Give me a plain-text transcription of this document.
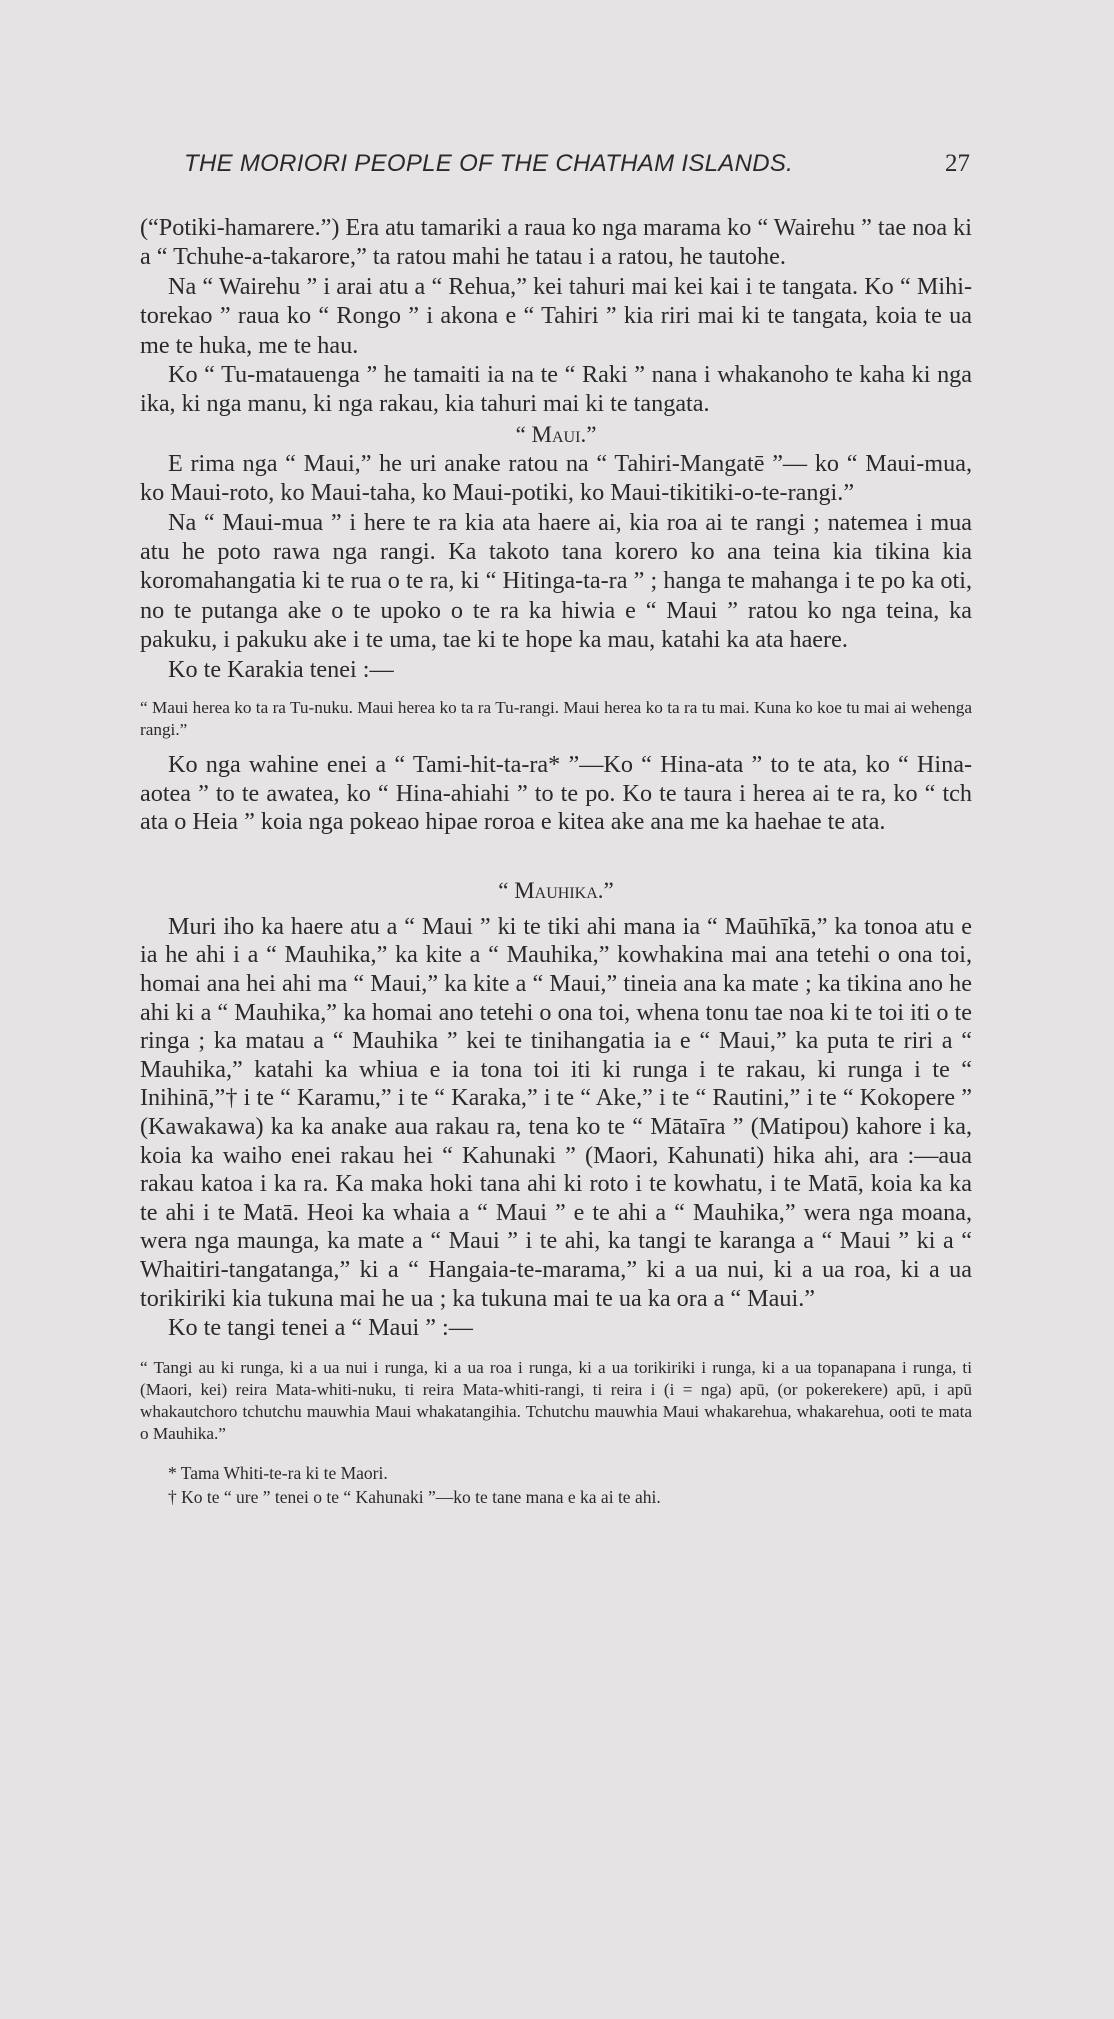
THE MORIORI PEOPLE OF THE CHATHAM ISLANDS.	27

(“Potiki-hamarere.”) Era atu tamariki a raua ko nga marama ko “ Wairehu ” tae noa ki a “ Tchuhe-a-takarore,” ta ratou mahi he tatau i a ratou, he tautohe.

Na “ Wairehu ” i arai atu a “ Rehua,” kei tahuri mai kei kai i te tangata. Ko “ Mihi-torekao ” raua ko “ Rongo ” i akona e “ Tahiri ” kia riri mai ki te tangata, koia te ua me te huka, me te hau.

Ko “ Tu-matauenga ” he tamaiti ia na te “ Raki ” nana i whakanoho te kaha ki nga ika, ki nga manu, ki nga rakau, kia tahuri mai ki te tangata.

“ Maui.”

E rima nga “ Maui,” he uri anake ratou na “ Tahiri-Mangatē ”— ko “ Maui-mua, ko Maui-roto, ko Maui-taha, ko Maui-potiki, ko Maui-tikitiki-o-te-rangi.”

Na “ Maui-mua ” i here te ra kia ata haere ai, kia roa ai te rangi ; natemea i mua atu he poto rawa nga rangi. Ka takoto tana korero ko ana teina kia tikina kia koromahangatia ki te rua o te ra, ki “ Hitinga-ta-ra ” ; hanga te mahanga i te po ka oti, no te putanga ake o te upoko o te ra ka hiwia e “ Maui ” ratou ko nga teina, ka pakuku, i pakuku ake i te uma, tae ki te hope ka mau, katahi ka ata haere.

Ko te Karakia tenei :—

“ Maui herea ko ta ra Tu-nuku. Maui herea ko ta ra Tu-rangi. Maui herea ko ta ra tu mai. Kuna ko koe tu mai ai wehenga rangi.”

Ko nga wahine enei a “ Tami-hit-ta-ra* ”—Ko “ Hina-ata ” to te ata, ko “ Hina-aotea ” to te awatea, ko “ Hina-ahiahi ” to te po. Ko te taura i herea ai te ra, ko “ tch ata o Heia ” koia nga pokeao hipae roroa e kitea ake ana me ka haehae te ata.

“ Mauhika.”

Muri iho ka haere atu a “ Maui ” ki te tiki ahi mana ia “ Maūhīkā,” ka tonoa atu e ia he ahi i a “ Mauhika,” ka kite a “ Mauhika,” kowhakina mai ana tetehi o ona toi, homai ana hei ahi ma “ Maui,” ka kite a “ Maui,” tineia ana ka mate ; ka tikina ano he ahi ki a “ Mauhika,” ka homai ano tetehi o ona toi, whena tonu tae noa ki te toi iti o te ringa ; ka matau a “ Mauhika ” kei te tinihangatia ia e “ Maui,” ka puta te riri a “ Mauhika,” katahi ka whiua e ia tona toi iti ki runga i te rakau, ki runga i te “ Inihinā,”† i te “ Karamu,” i te “ Karaka,” i te “ Ake,” i te “ Rautini,” i te “ Kokopere ” (Kawakawa) ka ka anake aua rakau ra, tena ko te “ Mātaīra ” (Matipou) kahore i ka, koia ka waiho enei rakau hei “ Kahunaki ” (Maori, Kahunati) hika ahi, ara :—aua rakau katoa i ka ra. Ka maka hoki tana ahi ki roto i te kowhatu, i te Matā, koia ka ka te ahi i te Matā. Heoi ka whaia a “ Maui ” e te ahi a “ Mauhika,” wera nga moana, wera nga maunga, ka mate a “ Maui ” i te ahi, ka tangi te karanga a “ Maui ” ki a “ Whaitiri-tangatanga,” ki a “ Hangaia-te-marama,” ki a ua nui, ki a ua roa, ki a ua torikiriki kia tukuna mai he ua ; ka tukuna mai te ua ka ora a “ Maui.”

Ko te tangi tenei a “ Maui ” :—

“ Tangi au ki runga, ki a ua nui i runga, ki a ua roa i runga, ki a ua torikiriki i runga, ki a ua topanapana i runga, ti (Maori, kei) reira Mata-whiti-nuku, ti reira Mata-whiti-rangi, ti reira i (i = nga) apū, (or pokerekere) apū, i apū whakautchoro tchutchu mauwhia Maui whakatangihia. Tchutchu mauwhia Maui whakarehua, whakarehua, ooti te mata o Mauhika.”
* Tama Whiti-te-ra ki te Maori.
† Ko te “ ure ” tenei o te “ Kahunaki ”—ko te tane mana e ka ai te ahi.
